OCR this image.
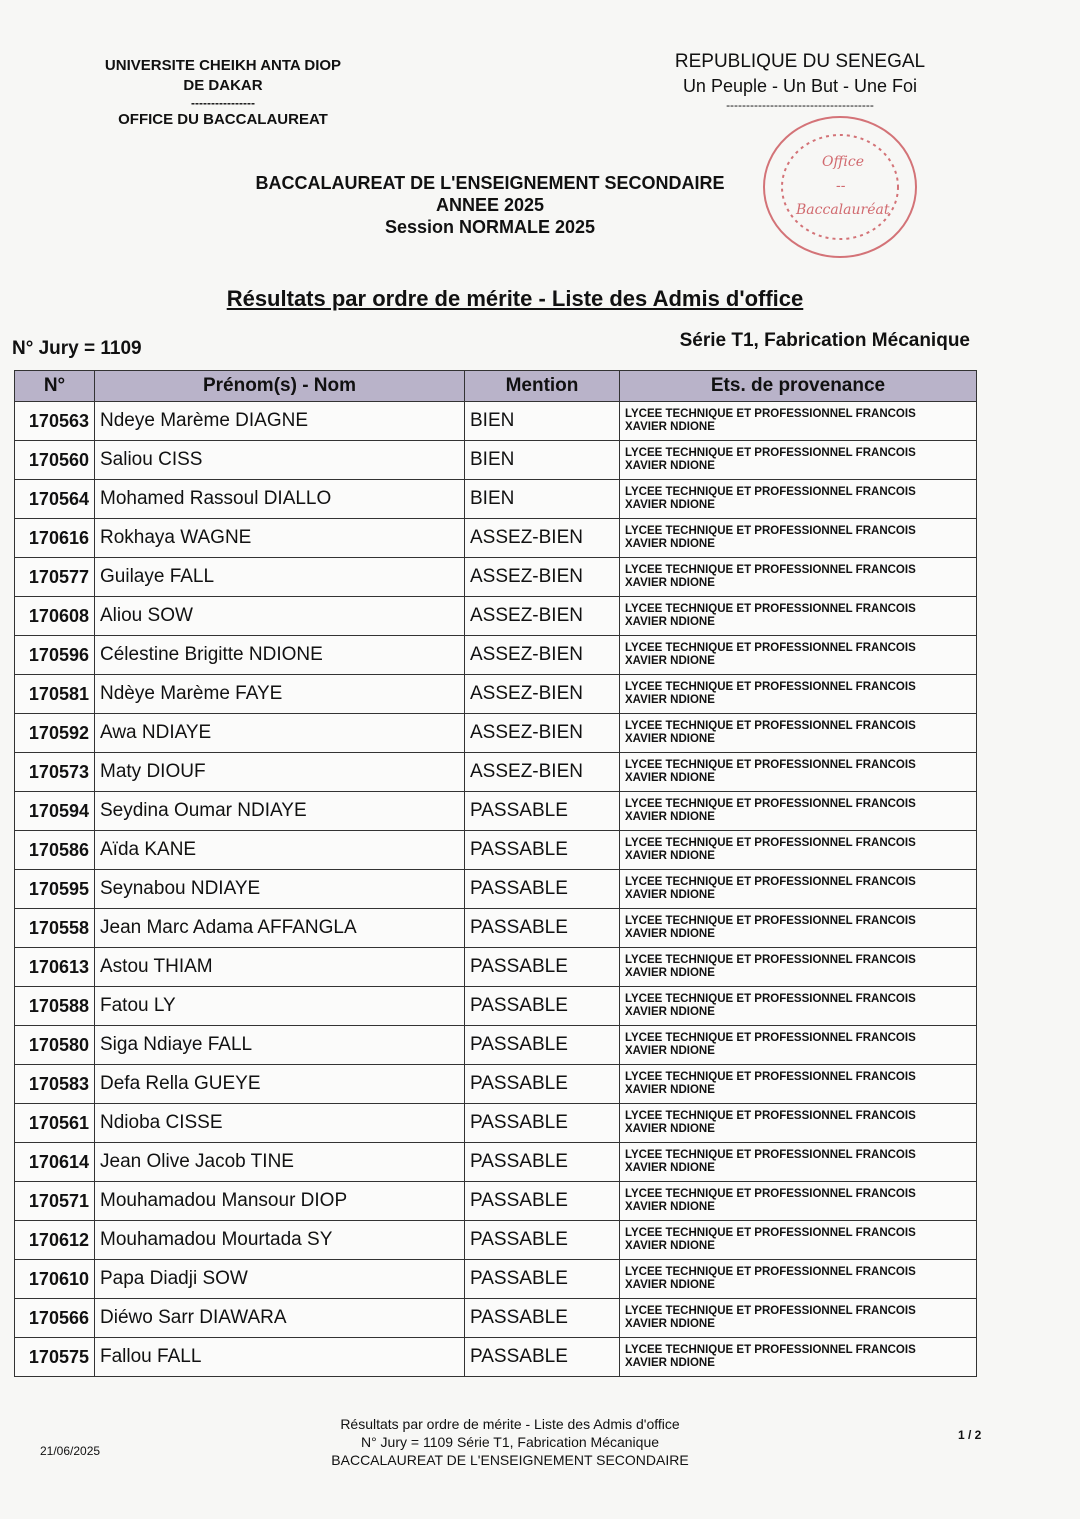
UNIVERSITE CHEIKH ANTA DIOP
DE DAKAR
----------------
OFFICE DU BACCALAUREAT
REPUBLIQUE DU SENEGAL
Un Peuple - Un But - Une Foi
-------------------------------------
Office
--
Baccalauréat
BACCALAUREAT DE L'ENSEIGNEMENT SECONDAIRE
ANNEE 2025
Session NORMALE 2025
Résultats par ordre de mérite - Liste des Admis d'office
N° Jury = 1109	Série T1, Fabrication Mécanique
N°	Prénom(s) - Nom	Mention	Ets. de provenance
170563	Ndeye Marème DIAGNE	BIEN	LYCEE TECHNIQUE ET PROFESSIONNEL FRANCOIS
XAVIER NDIONE

170560	Saliou CISS	BIEN	LYCEE TECHNIQUE ET PROFESSIONNEL FRANCOIS
XAVIER NDIONE

170564	Mohamed Rassoul DIALLO	BIEN	LYCEE TECHNIQUE ET PROFESSIONNEL FRANCOIS
XAVIER NDIONE

170616	Rokhaya WAGNE	ASSEZ-BIEN	LYCEE TECHNIQUE ET PROFESSIONNEL FRANCOIS
XAVIER NDIONE

170577	Guilaye FALL	ASSEZ-BIEN	LYCEE TECHNIQUE ET PROFESSIONNEL FRANCOIS
XAVIER NDIONE

170608	Aliou SOW	ASSEZ-BIEN	LYCEE TECHNIQUE ET PROFESSIONNEL FRANCOIS
XAVIER NDIONE

170596	Célestine Brigitte NDIONE	ASSEZ-BIEN	LYCEE TECHNIQUE ET PROFESSIONNEL FRANCOIS
XAVIER NDIONE

170581	Ndèye Marème FAYE	ASSEZ-BIEN	LYCEE TECHNIQUE ET PROFESSIONNEL FRANCOIS
XAVIER NDIONE

170592	Awa NDIAYE	ASSEZ-BIEN	LYCEE TECHNIQUE ET PROFESSIONNEL FRANCOIS
XAVIER NDIONE

170573	Maty DIOUF	ASSEZ-BIEN	LYCEE TECHNIQUE ET PROFESSIONNEL FRANCOIS
XAVIER NDIONE

170594	Seydina Oumar NDIAYE	PASSABLE	LYCEE TECHNIQUE ET PROFESSIONNEL FRANCOIS
XAVIER NDIONE

170586	Aïda KANE	PASSABLE	LYCEE TECHNIQUE ET PROFESSIONNEL FRANCOIS
XAVIER NDIONE

170595	Seynabou NDIAYE	PASSABLE	LYCEE TECHNIQUE ET PROFESSIONNEL FRANCOIS
XAVIER NDIONE

170558	Jean Marc Adama AFFANGLA	PASSABLE	LYCEE TECHNIQUE ET PROFESSIONNEL FRANCOIS
XAVIER NDIONE

170613	Astou THIAM	PASSABLE	LYCEE TECHNIQUE ET PROFESSIONNEL FRANCOIS
XAVIER NDIONE

170588	Fatou LY	PASSABLE	LYCEE TECHNIQUE ET PROFESSIONNEL FRANCOIS
XAVIER NDIONE

170580	Siga Ndiaye FALL	PASSABLE	LYCEE TECHNIQUE ET PROFESSIONNEL FRANCOIS
XAVIER NDIONE

170583	Defa Rella GUEYE	PASSABLE	LYCEE TECHNIQUE ET PROFESSIONNEL FRANCOIS
XAVIER NDIONE

170561	Ndioba CISSE	PASSABLE	LYCEE TECHNIQUE ET PROFESSIONNEL FRANCOIS
XAVIER NDIONE

170614	Jean Olive Jacob TINE	PASSABLE	LYCEE TECHNIQUE ET PROFESSIONNEL FRANCOIS
XAVIER NDIONE

170571	Mouhamadou Mansour DIOP	PASSABLE	LYCEE TECHNIQUE ET PROFESSIONNEL FRANCOIS
XAVIER NDIONE

170612	Mouhamadou Mourtada SY	PASSABLE	LYCEE TECHNIQUE ET PROFESSIONNEL FRANCOIS
XAVIER NDIONE

170610	Papa Diadji SOW	PASSABLE	LYCEE TECHNIQUE ET PROFESSIONNEL FRANCOIS
XAVIER NDIONE

170566	Diéwo Sarr DIAWARA	PASSABLE	LYCEE TECHNIQUE ET PROFESSIONNEL FRANCOIS
XAVIER NDIONE

170575	Fallou FALL	PASSABLE	LYCEE TECHNIQUE ET PROFESSIONNEL FRANCOIS
XAVIER NDIONE
Résultats par ordre de mérite - Liste des Admis d'office
N° Jury = 1109 Série T1, Fabrication Mécanique
BACCALAUREAT DE L'ENSEIGNEMENT SECONDAIRE
21/06/2025
1 / 2
